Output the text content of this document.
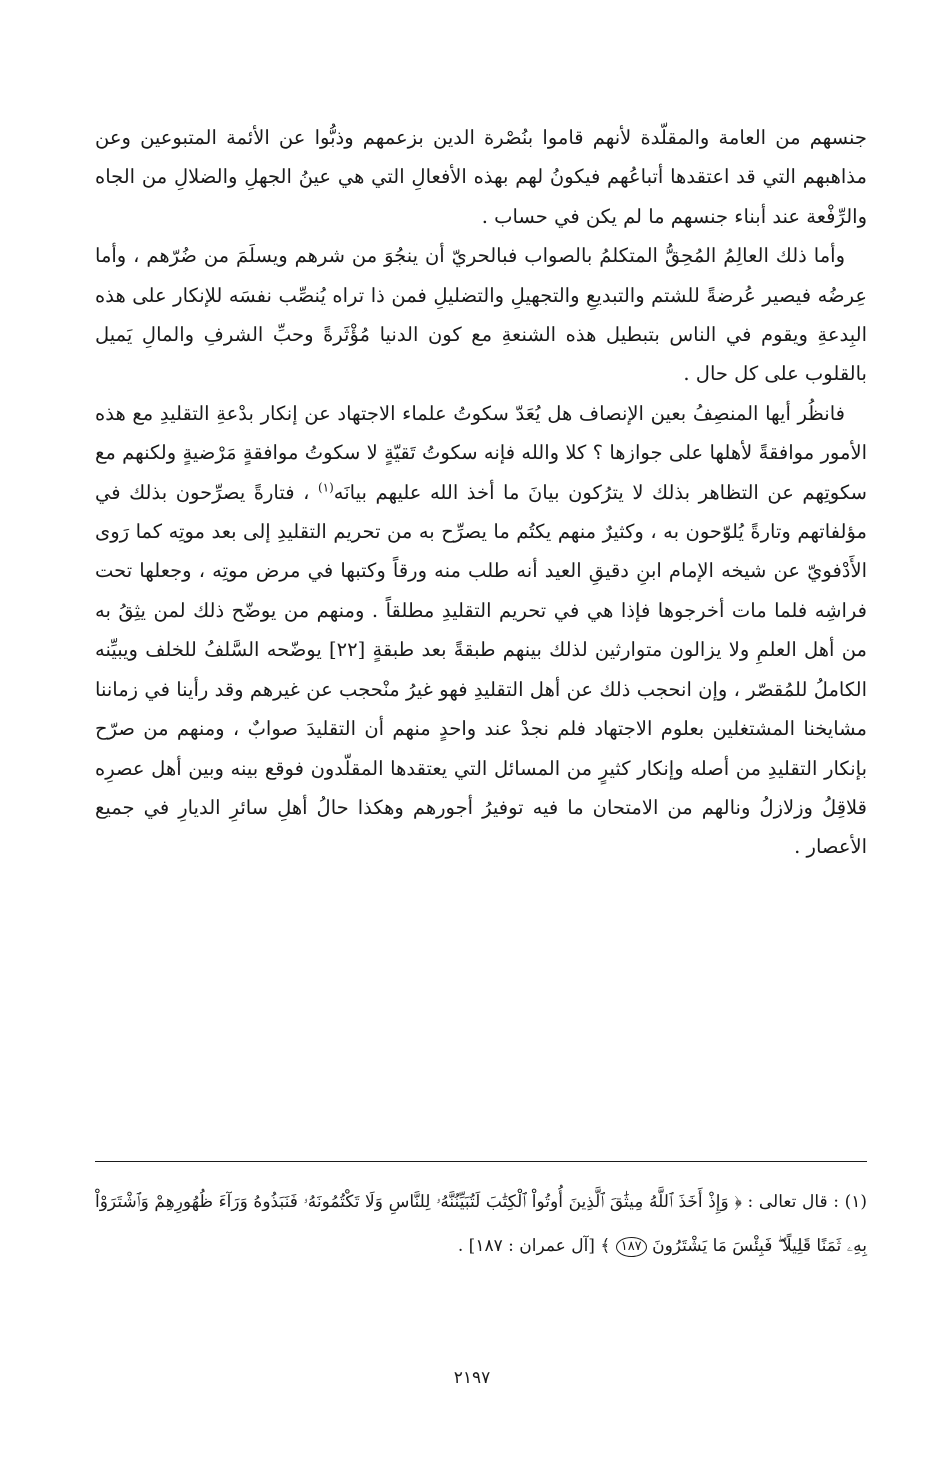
جنسهم من العامة والمقلّدة لأنهم قاموا بنُصْرة الدين بزعمهم وذبُّوا عن الأئمة المتبوعين وعن مذاهبهم التي قد اعتقدها أتباعُهم فيكونُ لهم بهذه الأفعالِ التي هي عينُ الجهلِ والضلالِ من الجاه والرِّفْعة عند أبناء جنسهم ما لم يكن في حساب .

وأما ذلك العالِمُ المُحِقُّ المتكلمُ بالصواب فبالحريّ أن ينجُوَ من شرهم ويسلَمَ من ضُرّهم ، وأما عِرضُه فيصير عُرضةً للشتم والتبديعِ والتجهيلِ والتضليلِ فمن ذا تراه يُنصِّب نفسَه للإنكار على هذه البِدعةِ ويقوم في الناس بتبطيل هذه الشنعةِ مع كون الدنيا مُؤْثَرةً وحبِّ الشرفِ والمالِ يَميل بالقلوب على كل حال .

فانظُر أيها المنصِفُ بعين الإنصاف هل يُعَدّ سكوتُ علماء الاجتهاد عن إنكار بدْعةِ التقليدِ مع هذه الأمور موافقةً لأهلها على جوازها ؟ كلا والله فإنه سكوتُ تَقيّةٍ لا سكوتُ موافقةٍ مَرْضيةٍ ولكنهم مع سكوتِهم عن التظاهر بذلك لا يترُكون بيانَ ما أخذ الله عليهم بيانَه$^{(١)}$ ، فتارةً يصرِّحون بذلك في مؤلفاتهم وتارةً يُلوّحون به ، وكثيرٌ منهم يكتُم ما يصرِّح به من تحريم التقليدِ إلى بعد موتِه كما رَوى الأَدْفويّ عن شيخه الإمام ابنِ دقيقِ العيد أنه طلب منه ورقاً وكتبها في مرض موتِه ، وجعلها تحت فراشِه فلما مات أخرجوها فإذا هي في تحريم التقليدِ مطلقاً . ومنهم من يوضّح ذلك لمن يثِقُ به من أهل العلمِ ولا يزالون متوارثين لذلك بينهم طبقةً بعد طبقةٍ [٢٢] يوضّحه السَّلفُ للخلف ويبيِّنه الكاملُ للمُقصّر ، وإن انحجب ذلك عن أهل التقليدِ فهو غيرُ منْحجب عن غيرهم وقد رأينا في زماننا مشايخنا المشتغلين بعلوم الاجتهاد فلم نجدْ عند واحدٍ منهم أن التقليدَ صوابٌ ، ومنهم من صرّح بإنكار التقليدِ من أصله وإنكار كثيرٍ من المسائل التي يعتقدها المقلّدون فوقع بينه وبين أهل عصرِه قلاقِلُ وزلازلُ ونالهم من الامتحان ما فيه توفيرُ أجورهم وهكذا حالُ أهلِ سائرِ الديارِ في جميع الأعصار .

(١) : قال تعالى : ﴿ وَإِذْ أَخَذَ ٱللَّهُ مِيثَٰقَ ٱلَّذِينَ أُوتُواْ ٱلْكِتَٰبَ لَتُبَيِّنُنَّهُۥ لِلنَّاسِ وَلَا تَكْتُمُونَهُۥ فَنَبَذُوهُ وَرَآءَ ظُهُورِهِمْ وَٱشْتَرَوْاْ بِهِۦ ثَمَنًا قَلِيلًا ۖ فَبِئْسَ مَا يَشْتَرُونَ ١٨٧ ﴾ [آل عمران : ١٨٧] .

٢١٩٧
